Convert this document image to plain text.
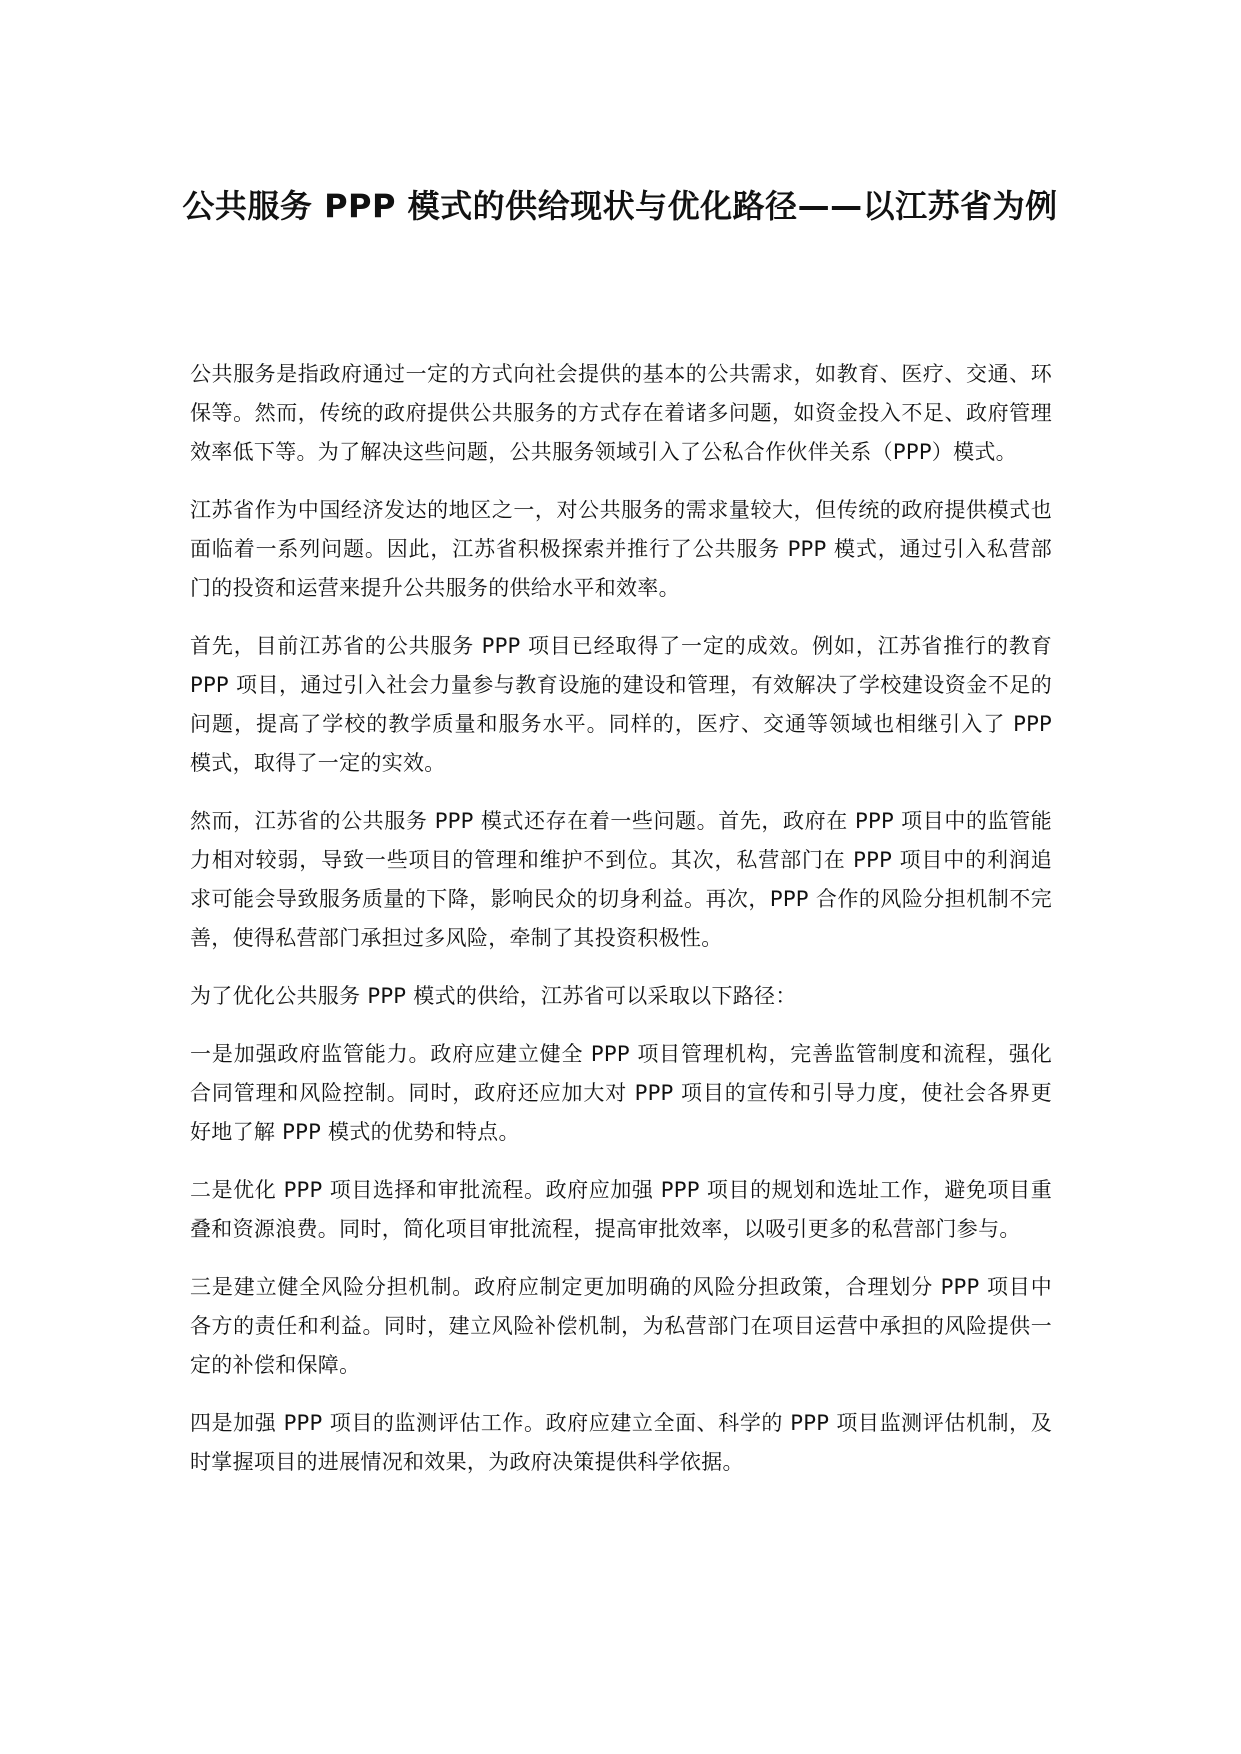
公共服务 PPP 模式的供给现状与优化路径——以江苏省为例

公共服务是指政府通过一定的方式向社会提供的基本的公共需求，如教育、医疗、交通、环保等。然而，传统的政府提供公共服务的方式存在着诸多问题，如资金投入不足、政府管理效率低下等。为了解决这些问题，公共服务领域引入了公私合作伙伴关系（PPP）模式。

江苏省作为中国经济发达的地区之一，对公共服务的需求量较大，但传统的政府提供模式也面临着一系列问题。因此，江苏省积极探索并推行了公共服务 PPP 模式，通过引入私营部门的投资和运营来提升公共服务的供给水平和效率。

首先，目前江苏省的公共服务 PPP 项目已经取得了一定的成效。例如，江苏省推行的教育 PPP 项目，通过引入社会力量参与教育设施的建设和管理，有效解决了学校建设资金不足的问题，提高了学校的教学质量和服务水平。同样的，医疗、交通等领域也相继引入了 PPP 模式，取得了一定的实效。

然而，江苏省的公共服务 PPP 模式还存在着一些问题。首先，政府在 PPP 项目中的监管能力相对较弱，导致一些项目的管理和维护不到位。其次，私营部门在 PPP 项目中的利润追求可能会导致服务质量的下降，影响民众的切身利益。再次，PPP 合作的风险分担机制不完善，使得私营部门承担过多风险，牵制了其投资积极性。

为了优化公共服务 PPP 模式的供给，江苏省可以采取以下路径：

一是加强政府监管能力。政府应建立健全 PPP 项目管理机构，完善监管制度和流程，强化合同管理和风险控制。同时，政府还应加大对 PPP 项目的宣传和引导力度，使社会各界更好地了解 PPP 模式的优势和特点。

二是优化 PPP 项目选择和审批流程。政府应加强 PPP 项目的规划和选址工作，避免项目重叠和资源浪费。同时，简化项目审批流程，提高审批效率，以吸引更多的私营部门参与。

三是建立健全风险分担机制。政府应制定更加明确的风险分担政策，合理划分 PPP 项目中各方的责任和利益。同时，建立风险补偿机制，为私营部门在项目运营中承担的风险提供一定的补偿和保障。

四是加强 PPP 项目的监测评估工作。政府应建立全面、科学的 PPP 项目监测评估机制，及时掌握项目的进展情况和效果，为政府决策提供科学依据。
